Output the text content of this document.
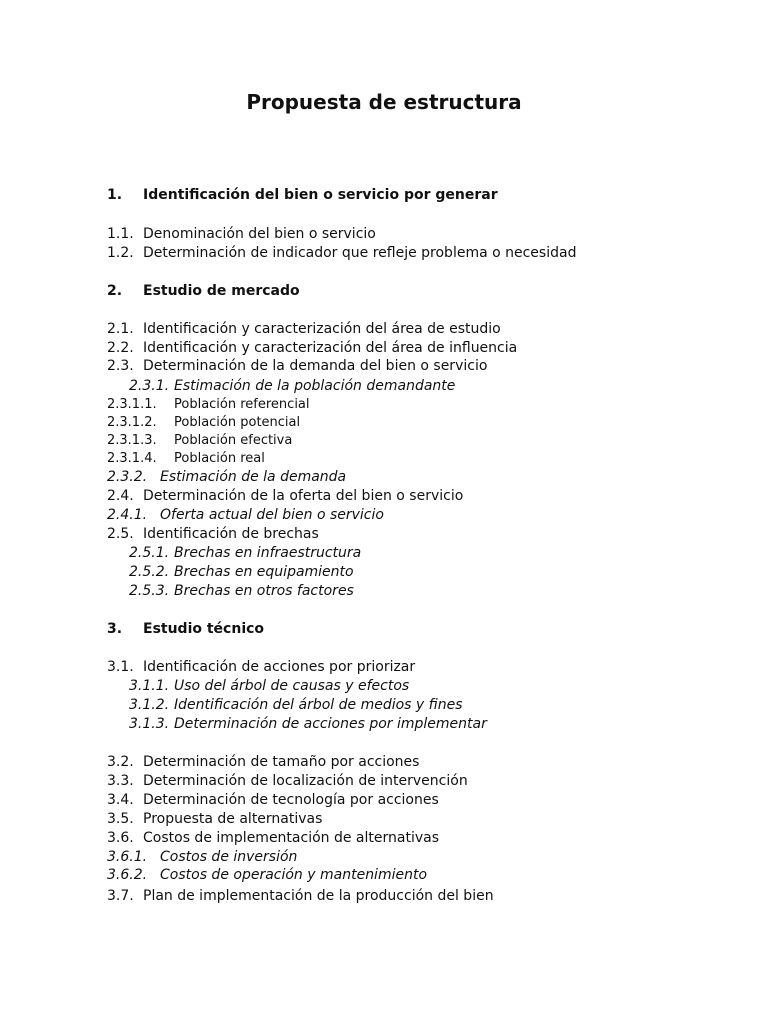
Propuesta de estructura
1. Identificación del bien o servicio por generar
1.1. Denominación del bien o servicio
1.2. Determinación de indicador que refleje problema o necesidad
2. Estudio de mercado
2.1. Identificación y caracterización del área de estudio
2.2. Identificación y caracterización del área de influencia
2.3. Determinación de la demanda del bien o servicio
2.3.1. Estimación de la población demandante
2.3.1.1. Población referencial
2.3.1.2. Población potencial
2.3.1.3. Población efectiva
2.3.1.4. Población real
2.3.2. Estimación de la demanda
2.4. Determinación de la oferta del bien o servicio
2.4.1. Oferta actual del bien o servicio
2.5. Identificación de brechas
2.5.1. Brechas en infraestructura
2.5.2. Brechas en equipamiento
2.5.3. Brechas en otros factores
3. Estudio técnico
3.1. Identificación de acciones por priorizar
3.1.1. Uso del árbol de causas y efectos
3.1.2. Identificación del árbol de medios y fines
3.1.3. Determinación de acciones por implementar
3.2. Determinación de tamaño por acciones
3.3. Determinación de localización de intervención
3.4. Determinación de tecnología por acciones
3.5. Propuesta de alternativas
3.6. Costos de implementación de alternativas
3.6.1. Costos de inversión
3.6.2. Costos de operación y mantenimiento
3.7. Plan de implementación de la producción del bien
